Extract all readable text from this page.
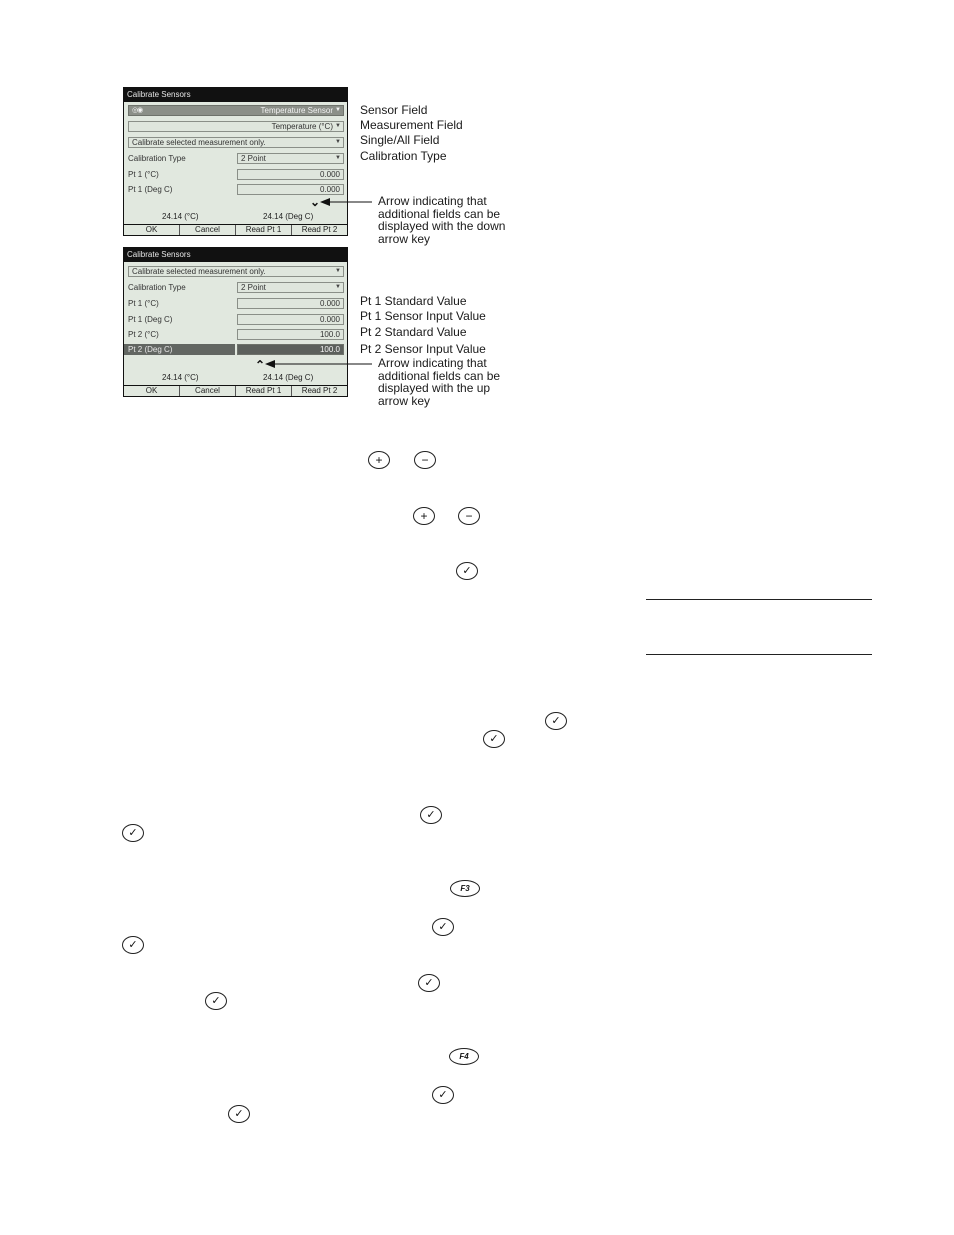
Calibrate Sensors
◎◉	Temperature Sensor ▼
Temperature (°C) ▼
Calibrate selected measurement only.	▼
Calibration Type	2 Point	▼
Pt 1 (°C)	0.000
Pt 1 (Deg C)	0.000
⌄
24.14 (°C)	24.14 (Deg C)
OK	Cancel	Read Pt 1	Read Pt 2
Calibrate Sensors
Calibrate selected measurement only.	▼
Calibration Type	2 Point	▼
Pt 1 (°C)	0.000
Pt 1 (Deg C)	0.000
Pt 2 (°C)	100.0
Pt 2 (Deg C)	100.0
⌃
24.14 (°C)	24.14 (Deg C)
OK	Cancel	Read Pt 1	Read Pt 2
Sensor Field
Measurement Field
Single/All Field
Calibration Type
Arrow indicating that
additional fields can be
displayed with the down
arrow key
Pt 1 Standard Value
Pt 1 Sensor Input Value
Pt 2 Standard Value
Pt 2 Sensor Input Value
Arrow indicating that
additional fields can be
displayed with the up
arrow key
+	−
+	−
✓
✓
✓
✓
✓
F3
✓
✓
✓
✓
F4
✓
✓
